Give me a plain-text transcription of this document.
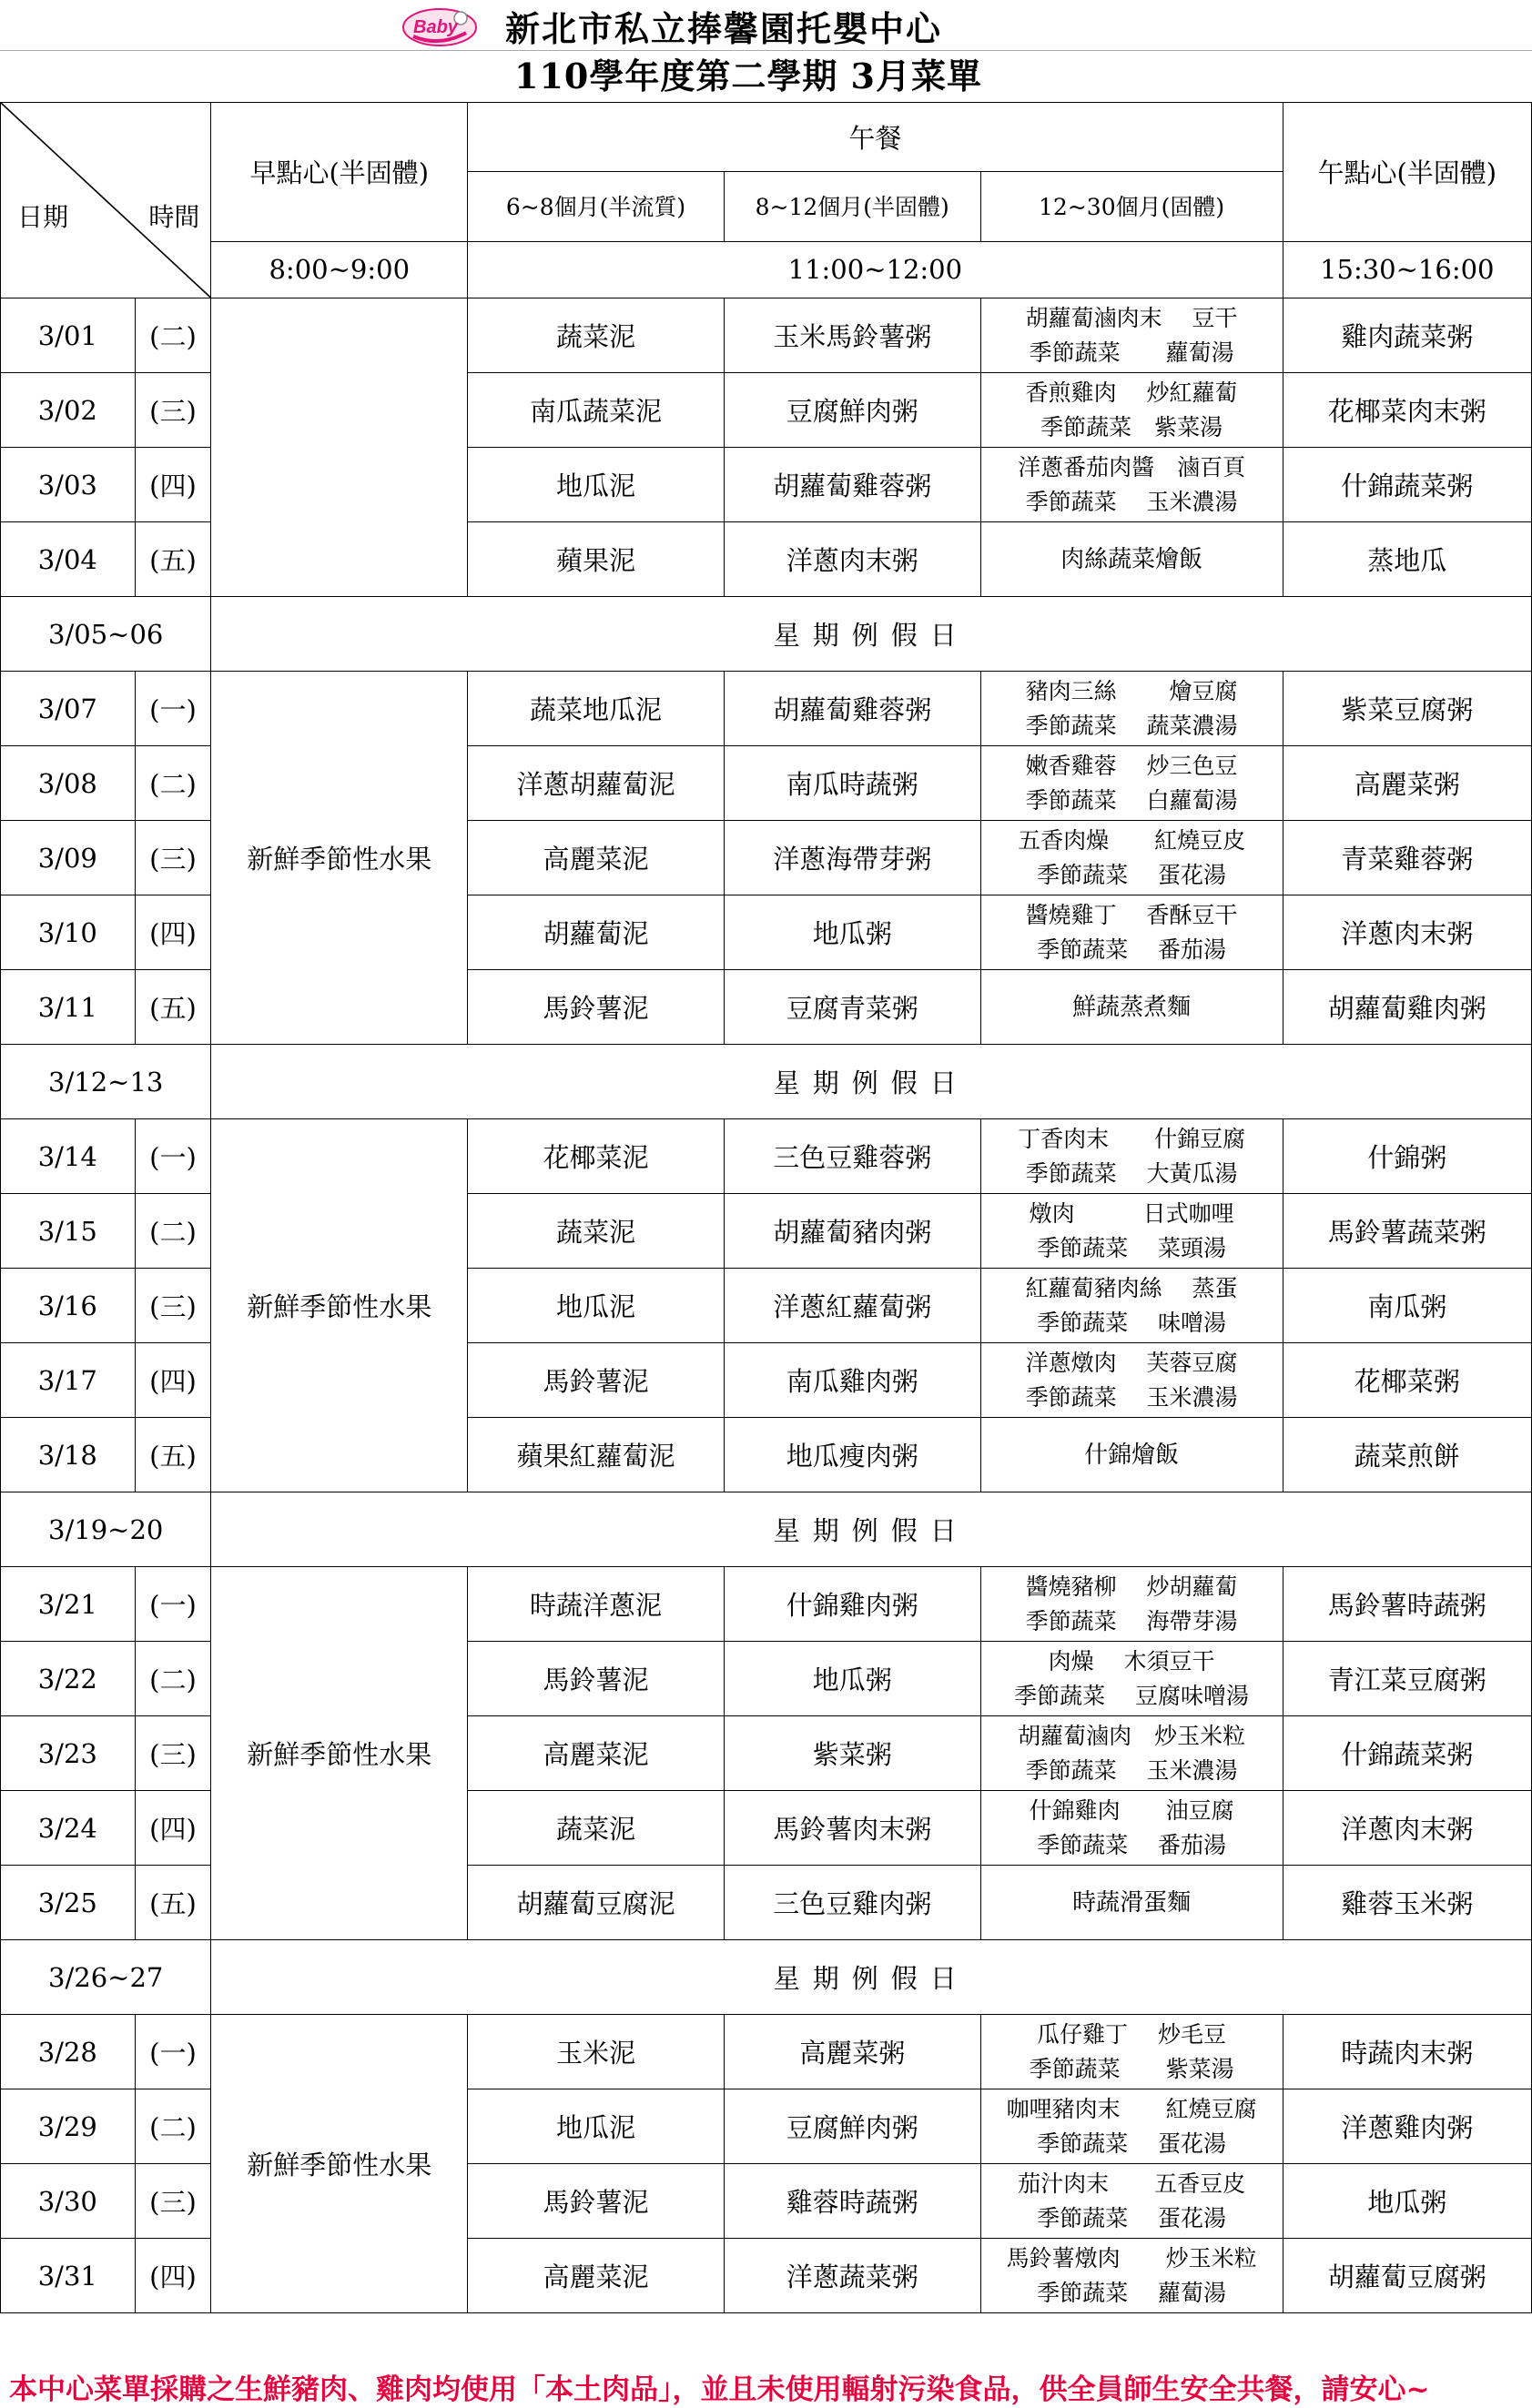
Baby 新北市私立捧馨園托嬰中心
110學年度第二學期 3月菜單
日期 時間		早點心(半固體)	午餐			午點心(半固體)
			6~8個月(半流質)	8~12個月(半固體)	12~30個月(固體)	
		8:00~9:00	11:00~12:00			15:30~16:00
3/01	(二)		蔬菜泥	玉米馬鈴薯粥	胡蘿蔔滷肉末　 豆干
季節蔬菜　　蘿蔔湯	雞肉蔬菜粥
3/02	(三)		南瓜蔬菜泥	豆腐鮮肉粥	香煎雞肉　 炒紅蘿蔔
季節蔬菜　紫菜湯	花椰菜肉末粥
3/03	(四)		地瓜泥	胡蘿蔔雞蓉粥	洋蔥番茄肉醬　滷百頁
季節蔬菜　 玉米濃湯	什錦蔬菜粥
3/04	(五)		蘋果泥	洋蔥肉末粥	肉絲蔬菜燴飯	蒸地瓜
3/05~06		星期例假日				
3/07	(一)	新鮮季節性水果	蔬菜地瓜泥	胡蘿蔔雞蓉粥	豬肉三絲　　 燴豆腐
季節蔬菜　 蔬菜濃湯	紫菜豆腐粥
3/08	(二)		洋蔥胡蘿蔔泥	南瓜時蔬粥	嫩香雞蓉　 炒三色豆
季節蔬菜　 白蘿蔔湯	高麗菜粥
3/09	(三)		高麗菜泥	洋蔥海帶芽粥	五香肉燥　　紅燒豆皮
季節蔬菜　 蛋花湯	青菜雞蓉粥
3/10	(四)		胡蘿蔔泥	地瓜粥	醬燒雞丁　 香酥豆干
季節蔬菜　 番茄湯	洋蔥肉末粥
3/11	(五)		馬鈴薯泥	豆腐青菜粥	鮮蔬蒸煮麵	胡蘿蔔雞肉粥
3/12~13		星期例假日				
3/14	(一)	新鮮季節性水果	花椰菜泥	三色豆雞蓉粥	丁香肉末　　什錦豆腐
季節蔬菜　 大黃瓜湯	什錦粥
3/15	(二)		蔬菜泥	胡蘿蔔豬肉粥	燉肉　　　日式咖哩
季節蔬菜　 菜頭湯	馬鈴薯蔬菜粥
3/16	(三)		地瓜泥	洋蔥紅蘿蔔粥	紅蘿蔔豬肉絲　 蒸蛋
季節蔬菜　 味噌湯	南瓜粥
3/17	(四)		馬鈴薯泥	南瓜雞肉粥	洋蔥燉肉　 芙蓉豆腐
季節蔬菜　 玉米濃湯	花椰菜粥
3/18	(五)		蘋果紅蘿蔔泥	地瓜瘦肉粥	什錦燴飯	蔬菜煎餅
3/19~20		星期例假日				
3/21	(一)	新鮮季節性水果	時蔬洋蔥泥	什錦雞肉粥	醬燒豬柳　 炒胡蘿蔔
季節蔬菜　 海帶芽湯	馬鈴薯時蔬粥
3/22	(二)		馬鈴薯泥	地瓜粥	肉燥　 木須豆干
季節蔬菜　 豆腐味噌湯	青江菜豆腐粥
3/23	(三)		高麗菜泥	紫菜粥	胡蘿蔔滷肉　炒玉米粒
季節蔬菜　 玉米濃湯	什錦蔬菜粥
3/24	(四)		蔬菜泥	馬鈴薯肉末粥	什錦雞肉　　油豆腐
季節蔬菜　 番茄湯	洋蔥肉末粥
3/25	(五)		胡蘿蔔豆腐泥	三色豆雞肉粥	時蔬滑蛋麵	雞蓉玉米粥
3/26~27		星期例假日				
3/28	(一)	新鮮季節性水果	玉米泥	高麗菜粥	瓜仔雞丁　 炒毛豆
季節蔬菜　　紫菜湯	時蔬肉末粥
3/29	(二)		地瓜泥	豆腐鮮肉粥	咖哩豬肉末　　紅燒豆腐
季節蔬菜　 蛋花湯	洋蔥雞肉粥
3/30	(三)		馬鈴薯泥	雞蓉時蔬粥	茄汁肉末　　五香豆皮
季節蔬菜　 蛋花湯	地瓜粥
3/31	(四)		高麗菜泥	洋蔥蔬菜粥	馬鈴薯燉肉　　炒玉米粒
季節蔬菜　 蘿蔔湯	胡蘿蔔豆腐粥
本中心菜單採購之生鮮豬肉、雞肉均使用「本土肉品」，並且未使用輻射污染食品，供全員師生安全共餐，請安心~
